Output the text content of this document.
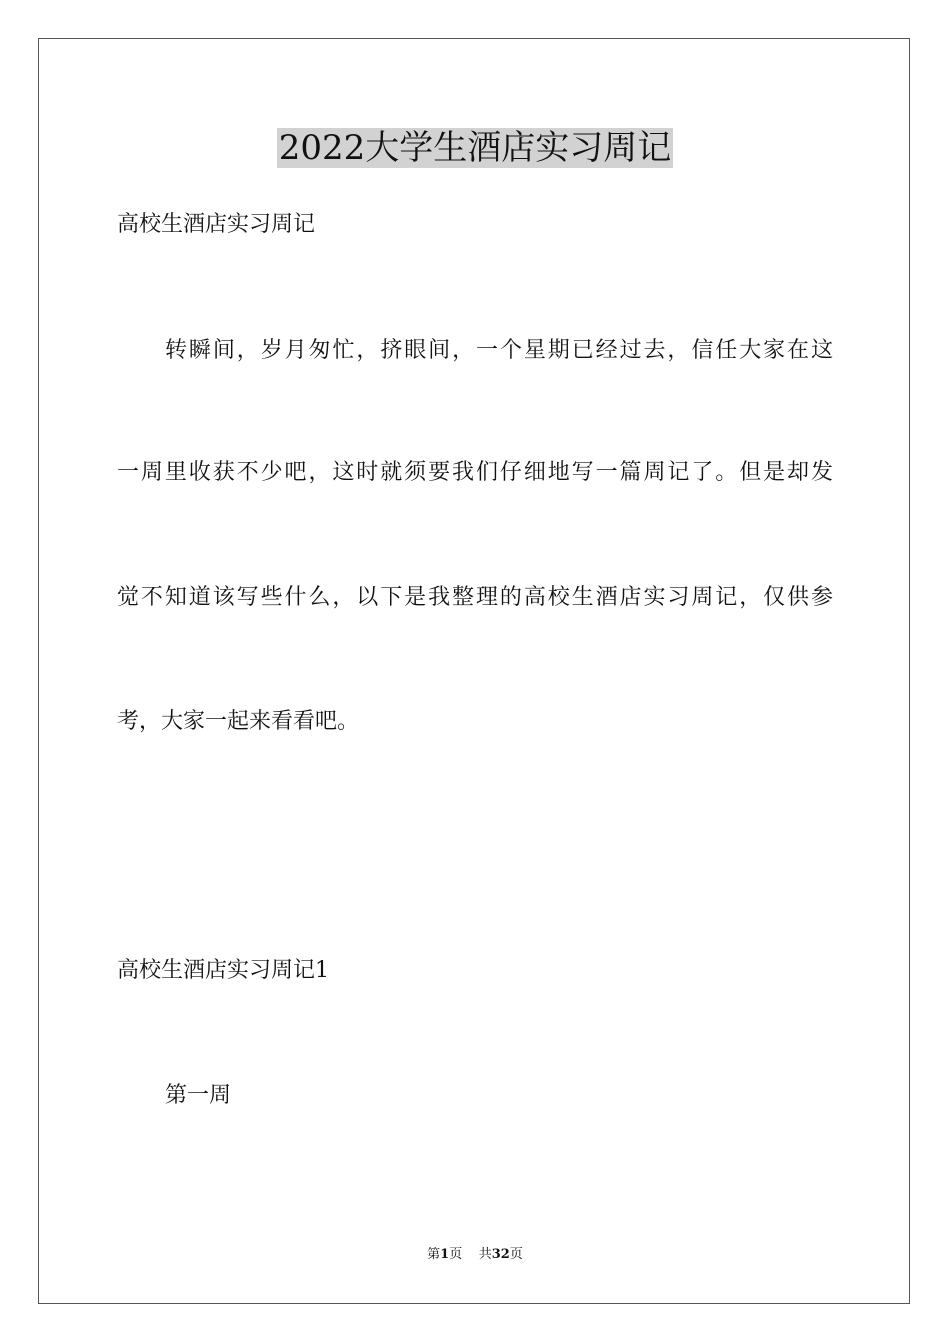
2022大学生酒店实习周记

高校生酒店实习周记

转瞬间，岁月匆忙，挤眼间，一个星期已经过去，信任大家在这

一周里收获不少吧，这时就须要我们仔细地写一篇周记了。但是却发

觉不知道该写些什么，以下是我整理的高校生酒店实习周记，仅供参

考，大家一起来看看吧。

高校生酒店实习周记1

第一周

第1页 共32页
